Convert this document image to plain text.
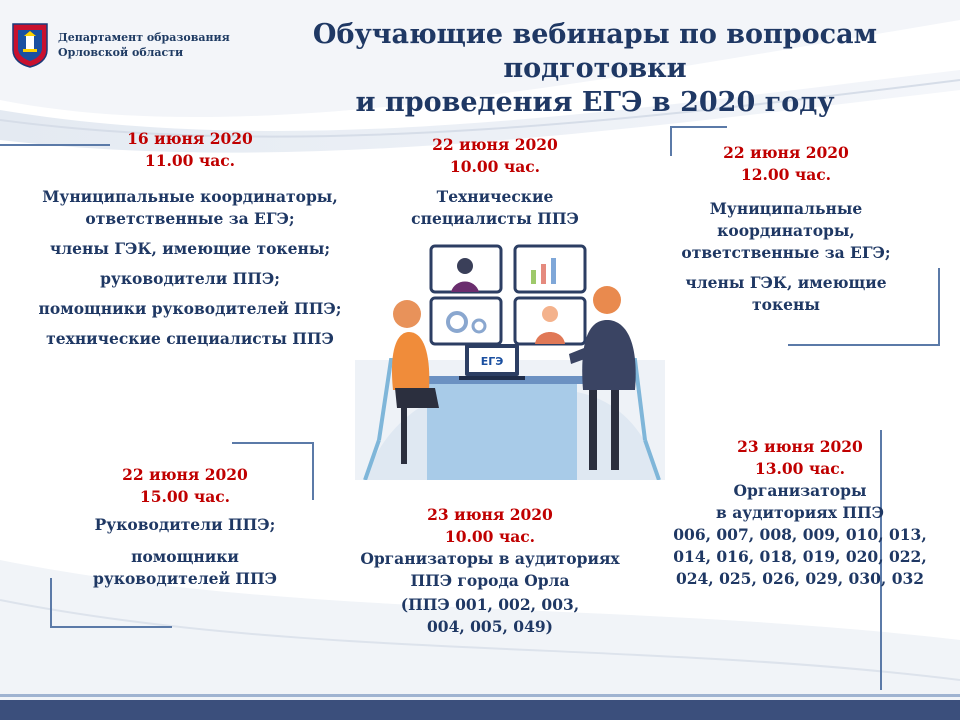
Департамент образования
Орловской области
Обучающие вебинары по вопросам подготовки
и проведения ЕГЭ в 2020 году
ЕГЭ
16 июня 2020
11.00 час.
Муниципальные координаторы,
ответственные за ЕГЭ;
члены ГЭК, имеющие токены;
руководители ППЭ;
помощники руководителей ППЭ;
технические специалисты ППЭ
22 июня 2020
10.00 час.
Технические
специалисты ППЭ
22 июня 2020
12.00 час.
Муниципальные
координаторы,
ответственные за ЕГЭ;
члены ГЭК, имеющие
токены
22 июня 2020
15.00 час.
Руководители ППЭ;
помощники
руководителей ППЭ
23 июня 2020
10.00 час.
Организаторы в аудиториях
ППЭ города Орла
(ППЭ 001, 002, 003,
004, 005, 049)
23 июня 2020
13.00 час.
Организаторы
в аудиториях ППЭ
006, 007, 008, 009, 010, 013,
014, 016, 018, 019, 020, 022,
024, 025, 026, 029, 030, 032
